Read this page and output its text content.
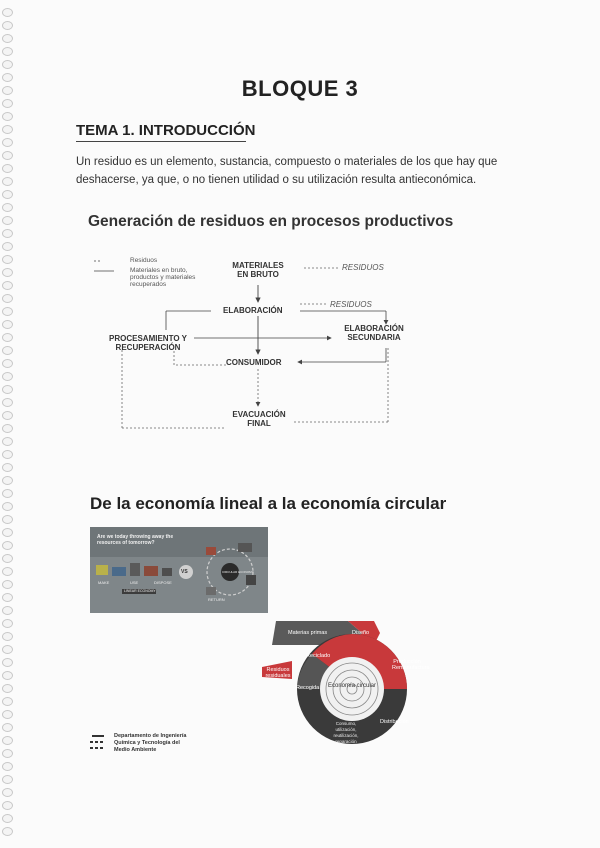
BLOQUE 3
TEMA 1. INTRODUCCIÓN
Un residuo es un elemento, sustancia, compuesto o materiales de los que hay que deshacerse, ya que, o no tienen utilidad o su utilización resulta antieconómica.
Generación de residuos en procesos productivos
Residuos
Materiales en bruto, productos y materiales recuperados
MATERIALES EN BRUTO
RESIDUOS
ELABORACIÓN
RESIDUOS
PROCESAMIENTO Y RECUPERACIÓN
ELABORACIÓN SECUNDARIA
CONSUMIDOR
EVACUACIÓN FINAL
De la economía lineal a la economía circular
Are we today throwing away the resources of tomorrow?
VS
MAKE	USE	DISPOSE
RETURN
LINEAR ECONOMY
CIRCULAR ECONOMY
Materias primas	Diseño
Producción Remanufactura
Distribución
Consumo, utilización, reutilización, reparación
Recogida
Reciclado
Residuos residuales
Economía circular
Departamento de Ingeniería Química y Tecnología del Medio Ambiente
